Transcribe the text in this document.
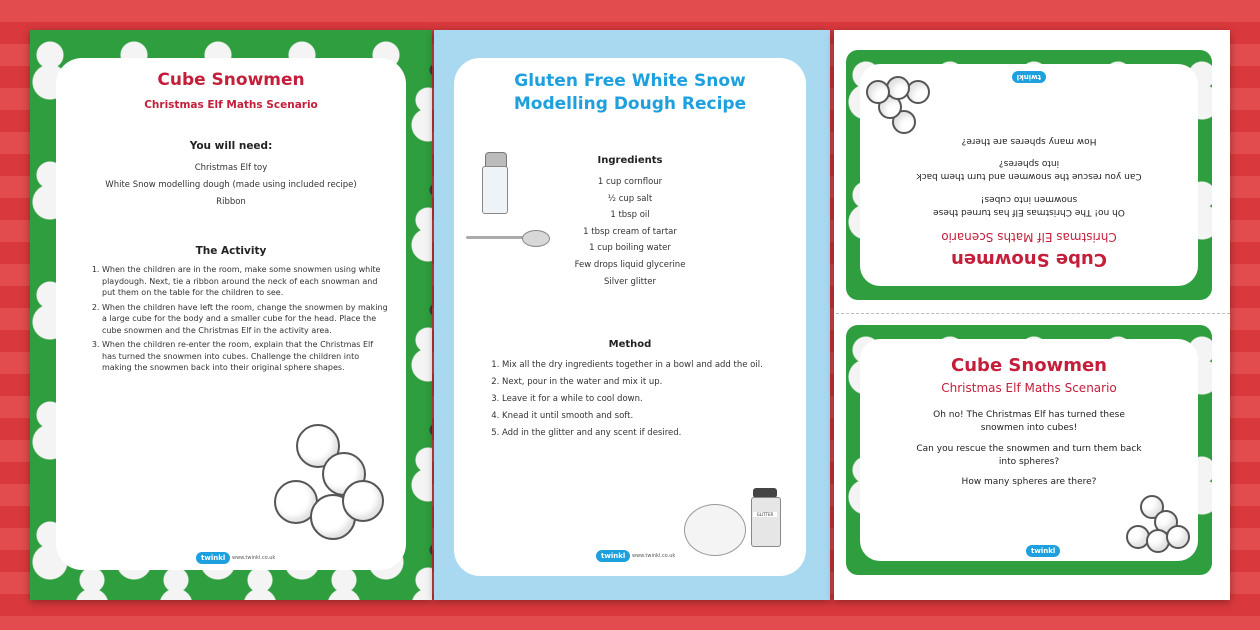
Cube Snowmen
Christmas Elf Maths Scenario
You will need:
Christmas Elf toy
White Snow modelling dough (made using included recipe)
Ribbon
The Activity
1. When the children are in the room, make some snowmen using white playdough. Next, tie a ribbon around the neck of each snowman and put them on the table for the children to see.
2. When the children have left the room, change the snowmen by making a large cube for the body and a smaller cube for the head. Place the cube snowmen and the Christmas Elf in the activity area.
3. When the children re-enter the room, explain that the Christmas Elf has turned the snowmen into cubes. Challenge the children into making the snowmen back into their original sphere shapes.
twinkl	www.twinkl.co.uk
Gluten Free White Snow
Modelling Dough Recipe
Ingredients
1 cup cornflour
½ cup salt
1 tbsp oil
1 tbsp cream of tartar
1 cup boiling water
Few drops liquid glycerine
Silver glitter
Method
1. Mix all the dry ingredients together in a bowl and add the oil.
2. Next, pour in the water and mix it up.
3. Leave it for a while to cool down.
4. Knead it until smooth and soft.
5. Add in the glitter and any scent if desired.
GLITTER
twinkl	www.twinkl.co.uk
Cube Snowmen
Christmas Elf Maths Scenario
Oh no! The Christmas Elf has turned these snowmen into cubes!
Can you rescue the snowmen and turn them back into spheres?
How many spheres are there?
twinkl
Cube Snowmen
Christmas Elf Maths Scenario
Oh no! The Christmas Elf has turned these snowmen into cubes!
Can you rescue the snowmen and turn them back into spheres?
How many spheres are there?
twinkl
